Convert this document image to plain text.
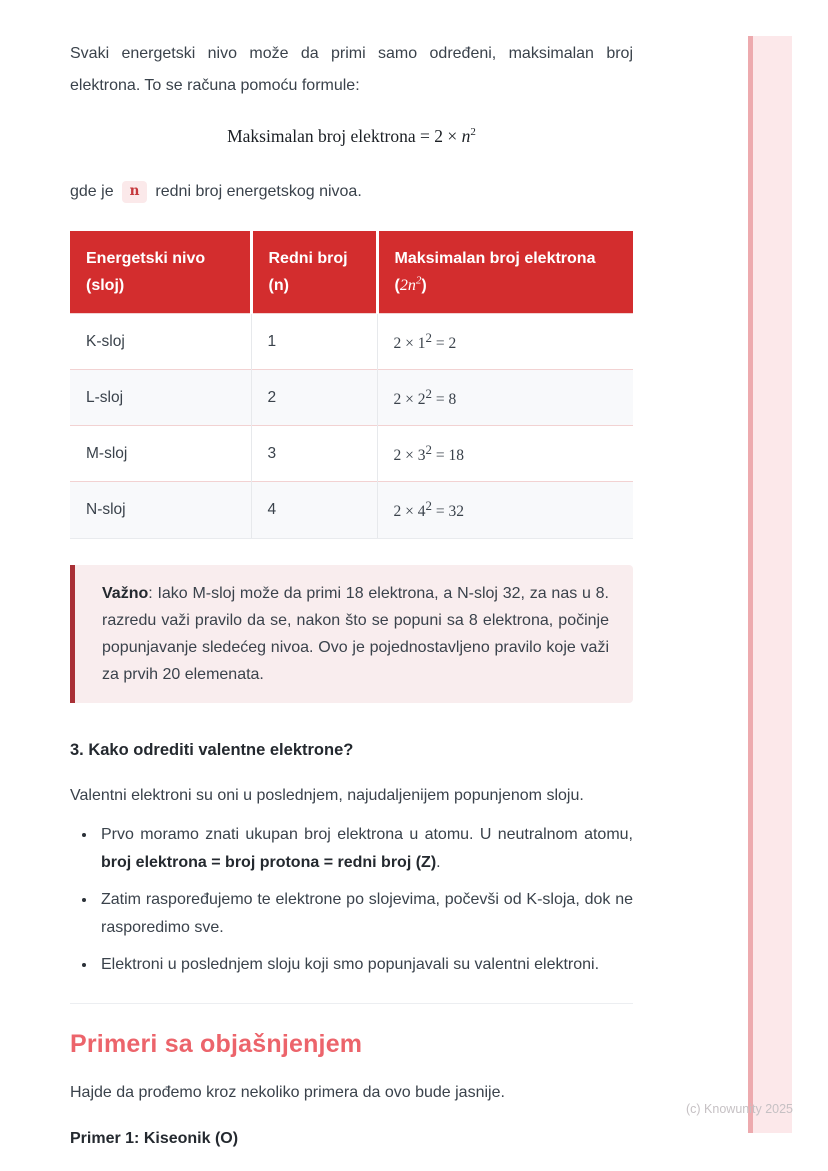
Svaki energetski nivo može da primi samo određeni, maksimalan broj elektrona. To se računa pomoću formule:

Maksimalan broj elektrona = $2 \times n^2$
gde je	n	redni broj energetskog nivoa.
Energetski nivo (sloj)	Redni broj (n)	Maksimalan broj elektrona $(2n^2)$
K-sloj	1	$2 \times 1^2 = 2$
L-sloj	2	$2 \times 2^2 = 8$
M-sloj	3	$2 \times 3^2 = 18$
N-sloj	4	$2 \times 4^2 = 32$
Važno: Iako M-sloj može da primi 18 elektrona, a N-sloj 32, za nas u 8. razredu važi pravilo da se, nakon što se popuni sa 8 elektrona, počinje popunjavanje sledećeg nivoa. Ovo je pojednostavljeno pravilo koje važi za prvih 20 elemenata.
3. Kako odrediti valentne elektrone?

Valentni elektroni su oni u poslednjem, najudaljenijem popunjenom sloju.

• Prvo moramo znati ukupan broj elektrona u atomu. U neutralnom atomu, broj elektrona = broj protona = redni broj (Z).
• Zatim raspoređujemo te elektrone po slojevima, počevši od K-sloja, dok ne rasporedimo sve.
• Elektroni u poslednjem sloju koji smo popunjavali su valentni elektroni.
Primeri sa objašnjenjem

Hajde da prođemo kroz nekoliko primera da ovo bude jasnije.

Primer 1: Kiseonik (O)

(c) Knowunity 2025
